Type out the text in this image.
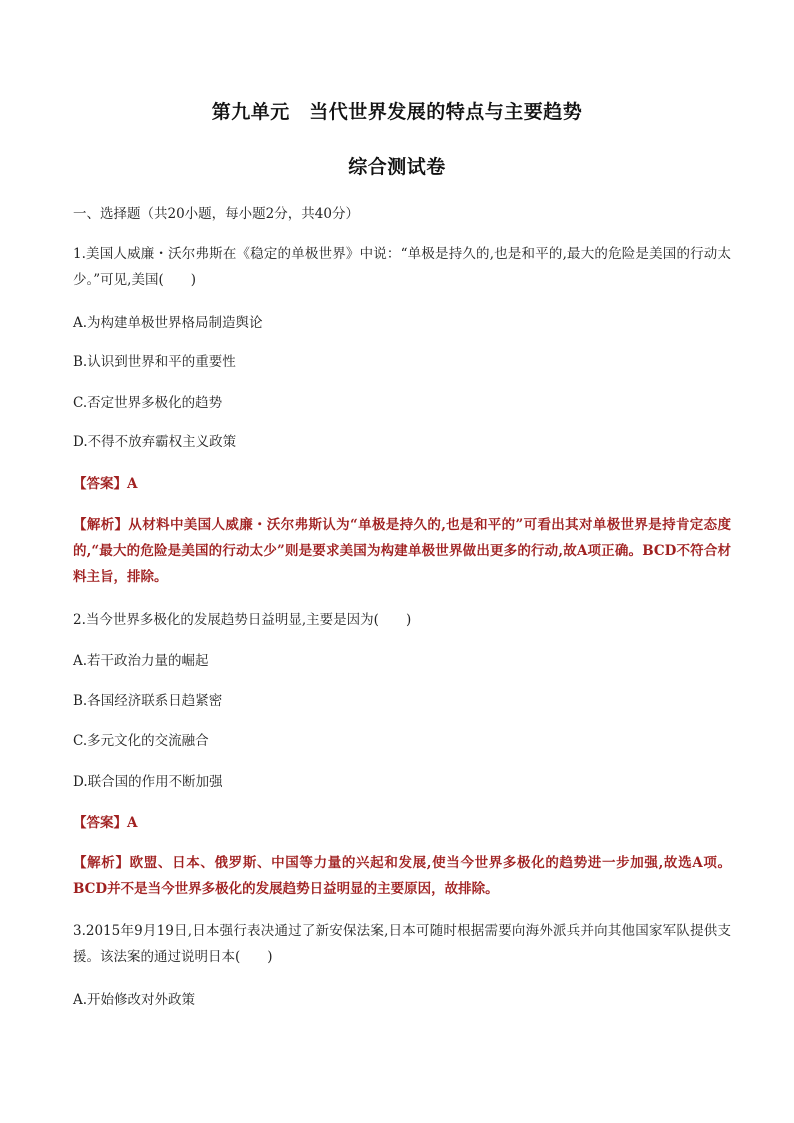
第九单元　当代世界发展的特点与主要趋势
综合测试卷
一、选择题（共20小题，每小题2分，共40分）
1.美国人威廉・沃尔弗斯在《稳定的单极世界》中说：“单极是持久的,也是和平的,最大的危险是美国的行动太少。”可见,美国(　　)
A.为构建单极世界格局制造舆论
B.认识到世界和平的重要性
C.否定世界多极化的趋势
D.不得不放弃霸权主义政策
【答案】A
【解析】从材料中美国人威廉・沃尔弗斯认为“单极是持久的,也是和平的”可看出其对单极世界是持肯定态度的,“最大的危险是美国的行动太少”则是要求美国为构建单极世界做出更多的行动,故A项正确。BCD不符合材料主旨，排除。
2.当今世界多极化的发展趋势日益明显,主要是因为(　　)
A.若干政治力量的崛起
B.各国经济联系日趋紧密
C.多元文化的交流融合
D.联合国的作用不断加强
【答案】A
【解析】欧盟、日本、俄罗斯、中国等力量的兴起和发展,使当今世界多极化的趋势进一步加强,故选A项。BCD并不是当今世界多极化的发展趋势日益明显的主要原因，故排除。
3.2015年9月19日,日本强行表决通过了新安保法案,日本可随时根据需要向海外派兵并向其他国家军队提供支援。该法案的通过说明日本(　　)
A.开始修改对外政策
